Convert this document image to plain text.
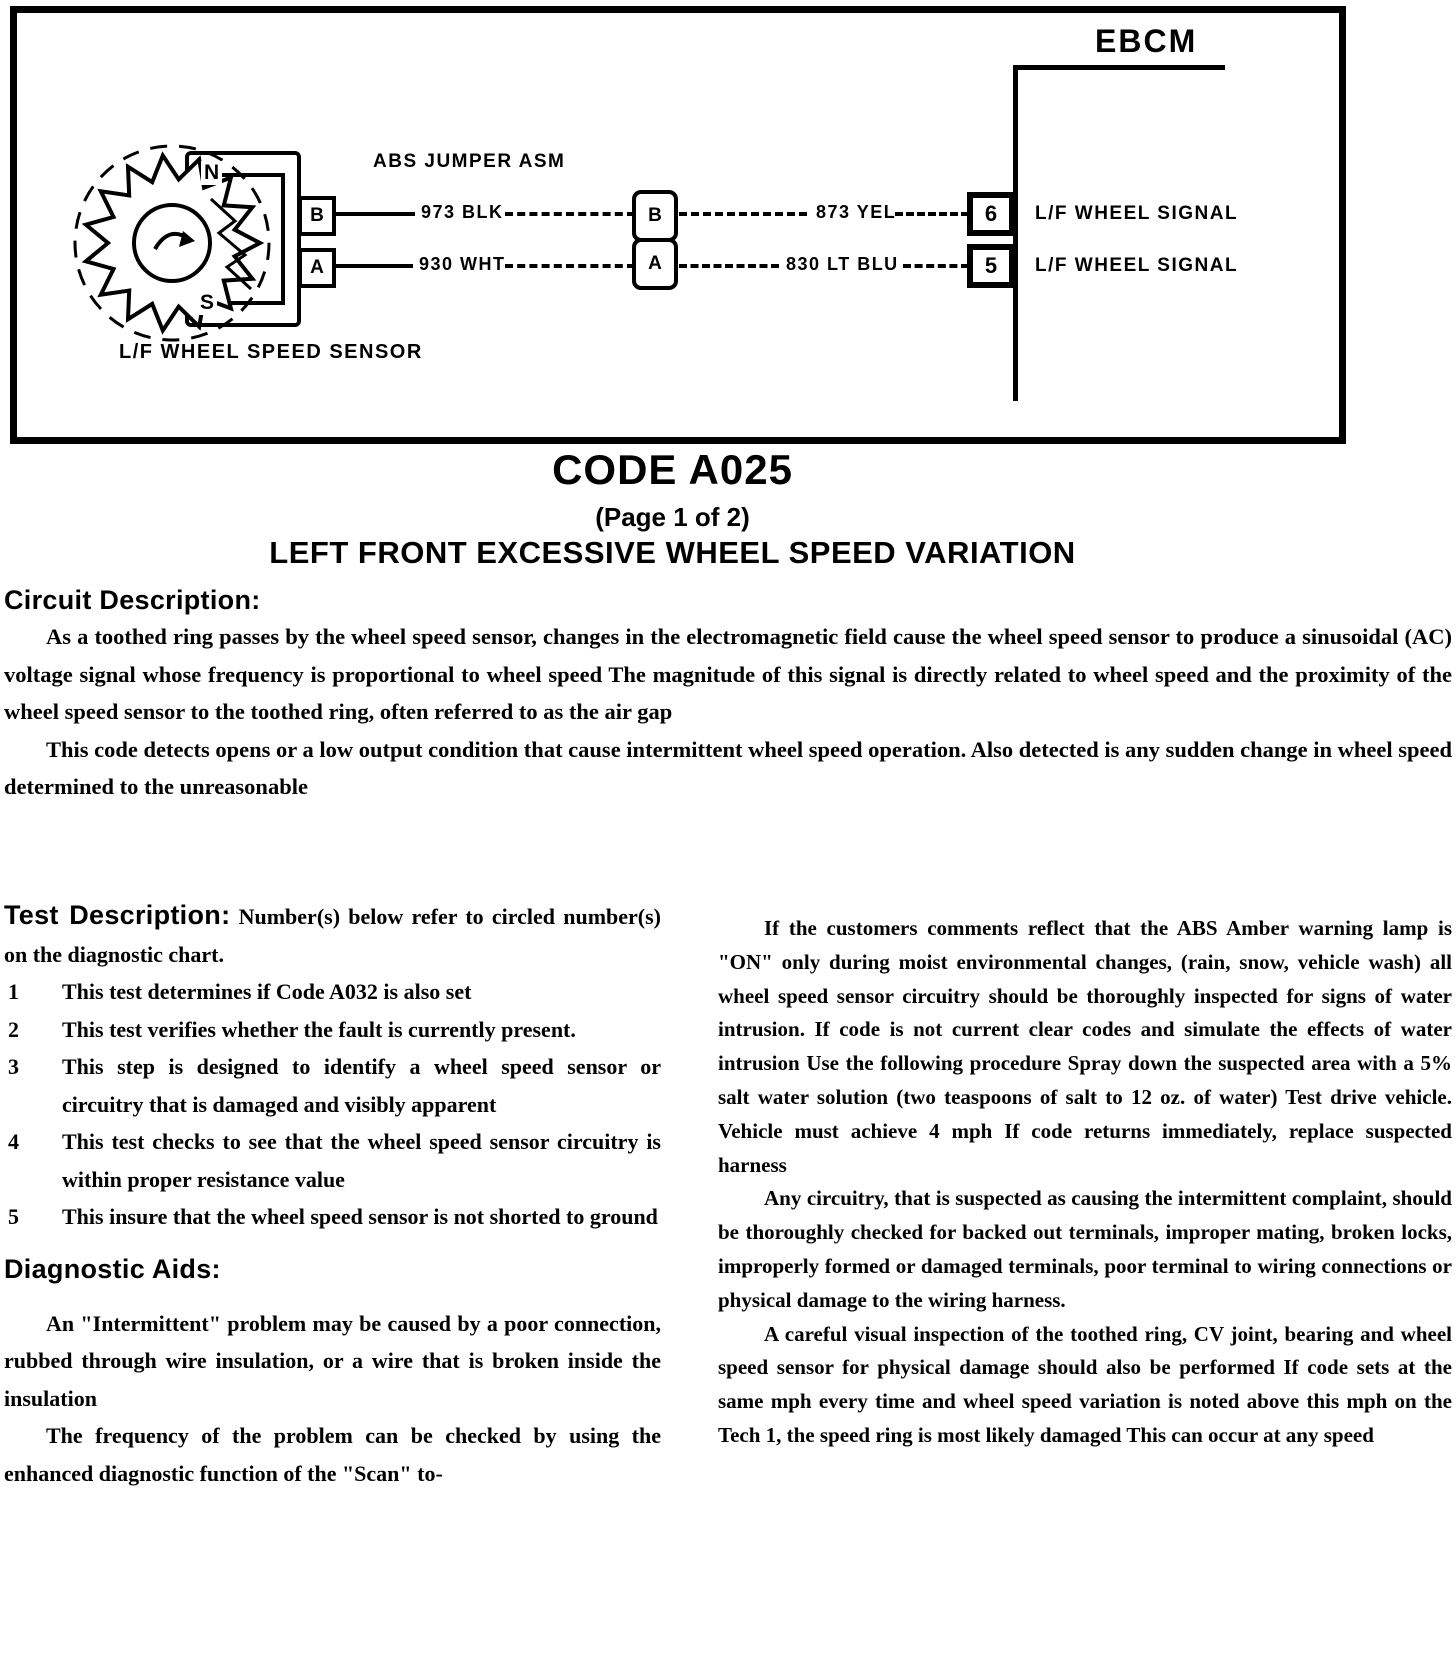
N
S
B
A
973 BLK	873 YEL
930 WHT	830 LT BLU
B
A
EBCM
6
5
L/F WHEEL SIGNAL
L/F WHEEL SIGNAL
ABS JUMPER ASM
L/F WHEEL SPEED SENSOR
CODE A025
(Page 1 of 2)
LEFT FRONT EXCESSIVE WHEEL SPEED VARIATION
Circuit Description:

As a toothed ring passes by the wheel speed sensor, changes in the electromagnetic field cause the wheel speed sensor to produce a sinusoidal (AC) voltage signal whose frequency is proportional to wheel speed The magnitude of this signal is directly related to wheel speed and the proximity of the wheel speed sensor to the toothed ring, often referred to as the air gap

This code detects opens or a low output condition that cause intermittent wheel speed operation. Also detected is any sudden change in wheel speed determined to the unreasonable

Test Description: Number(s) below refer to circled number(s) on the diagnostic chart.

1 This test determines if Code A032 is also set
2 This test verifies whether the fault is currently present.
3 This step is designed to identify a wheel speed sensor or circuitry that is damaged and visibly apparent
4 This test checks to see that the wheel speed sensor circuitry is within proper resistance value
5 This insure that the wheel speed sensor is not shorted to ground
Diagnostic Aids:

An "Intermittent" problem may be caused by a poor connection, rubbed through wire insulation, or a wire that is broken inside the insulation

The frequency of the problem can be checked by using the enhanced diagnostic function of the "Scan" to-

If the customers comments reflect that the ABS Amber warning lamp is "ON" only during moist environmental changes, (rain, snow, vehicle wash) all wheel speed sensor circuitry should be thoroughly inspected for signs of water intrusion. If code is not current clear codes and simulate the effects of water intrusion Use the following procedure Spray down the suspected area with a 5% salt water solution (two teaspoons of salt to 12 oz. of water) Test drive vehicle. Vehicle must achieve 4 mph If code returns immediately, replace suspected harness

Any circuitry, that is suspected as causing the intermittent complaint, should be thoroughly checked for backed out terminals, improper mating, broken locks, improperly formed or damaged terminals, poor terminal to wiring connections or physical damage to the wiring harness.

A careful visual inspection of the toothed ring, CV joint, bearing and wheel speed sensor for physical damage should also be performed If code sets at the same mph every time and wheel speed variation is noted above this mph on the Tech 1, the speed ring is most likely damaged This can occur at any speed
